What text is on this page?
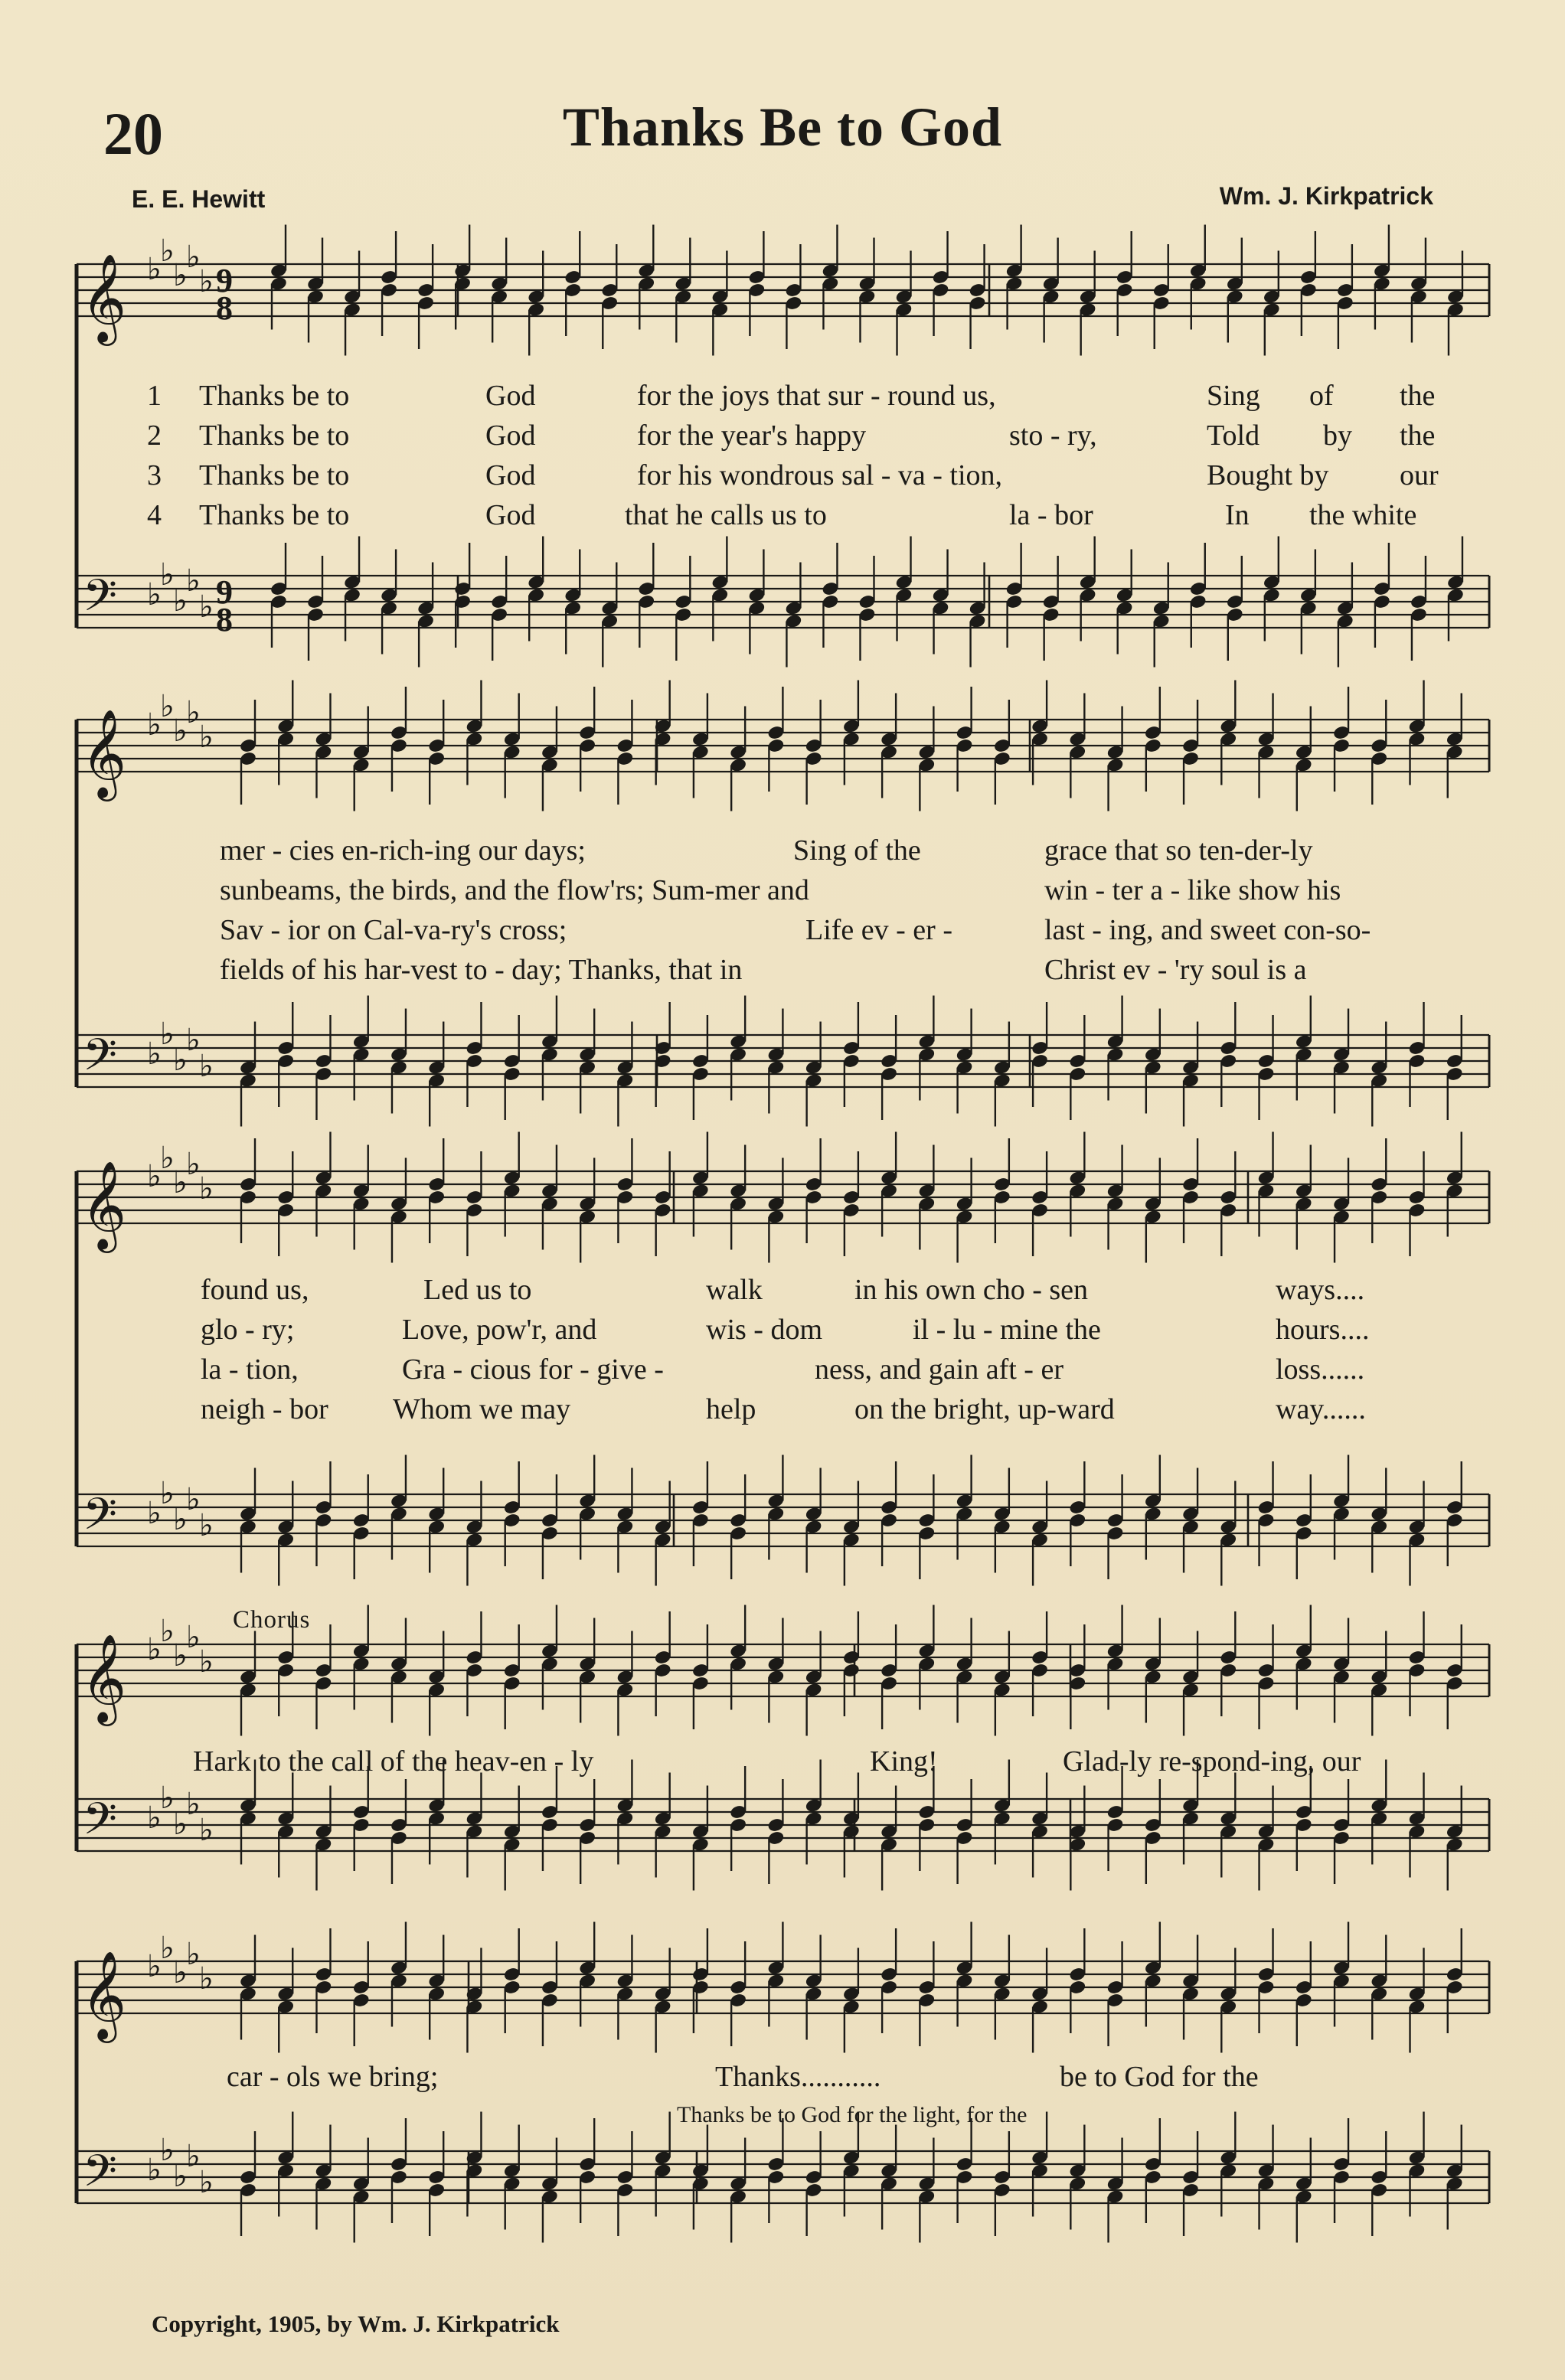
20	Thanks Be to God
E. E. Hewitt	Wm. J. Kirkpatrick
𝄞
𝄢
♭
♭
♭
♭
♭
♭
♭
♭
♭
♭
9
8
9
8
𝄞
𝄢
♭
♭
♭
♭
♭
♭
♭
♭
♭
♭
𝄞
𝄢
♭
♭
♭
♭
♭
♭
♭
♭
♭
♭
𝄞
𝄢
♭
♭
♭
♭
♭
♭
♭
♭
♭
♭
𝄞
𝄢
♭
♭
♭
♭
♭
♭
♭
♭
♭
♭
1
2
3
4
Thanks be to	God	for the joys that sur - round us,	Sing of the
Thanks be to	God	for the year's happy	sto - ry,	Told by the
Thanks be to	God	for his wondrous sal - va - tion,	Bought by our
Thanks be to	God	that he calls us to	la - bor	In the white
mer - cies en-rich-ing our days;	Sing of the	grace that so ten-der-ly
sunbeams, the birds, and the flow'rs; Sum-mer and	win - ter a - like show his
Sav - ior on Cal-va-ry's cross;	Life ev - er -	last - ing, and sweet con-so-
fields of his har-vest to - day; Thanks, that in	Christ ev - 'ry soul is a
found us,	Led us to	walk	in his own cho - sen	ways....
glo - ry;	Love, pow'r, and	wis - dom	il - lu - mine the	hours....
la - tion,	Gra - cious for - give -	ness, and gain aft - er	loss......
neigh - bor Whom we may	help	on the bright, up-ward	way......
Chorus
Hark to the call of the heav-en - ly	King!	Glad-ly re-spond-ing, our
car - ols we bring;	Thanks...........	be to God for the
Thanks be to God for the light, for the
Copyright, 1905, by Wm. J. Kirkpatrick
